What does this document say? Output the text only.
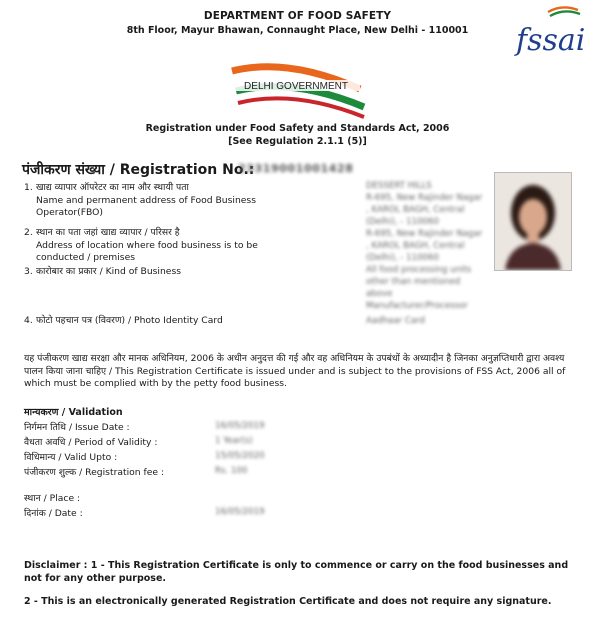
DEPARTMENT OF FOOD SAFETY
8th Floor, Mayur Bhawan, Connaught Place, New Delhi - 110001	fssai
DELHI GOVERNMENT
Registration under Food Safety and Standards Act, 2006
[See Regulation 2.1.1 (5)]
पंजीकरण संख्या / Registration No.:
23319001001428
1. खाद्य व्यापार ऑपरेटर का नाम और स्थायी पता
Name and permanent address of Food Business Operator(FBO)
DESSERT HILLS
R-695, New Rajinder Nagar
, KAROL BAGH, Central
(Delhi), - 110060
2. स्थान का पता जहां खाद्य व्यापार / परिसर है
Address of location where food business is to be conducted / premises
R-695, New Rajinder Nagar
, KAROL BAGH, Central
(Delhi), - 110060
3. कारोबार का प्रकार / Kind of Business	All food processing units
other than mentioned
above
Manufacturer/Processor
4. फोटो पहचान पत्र (विवरण) / Photo Identity Card	Aadhaar Card
यह पंजीकरण खाद्य सरक्षा और मानक अधिनियम, 2006 के अधीन अनुदत्त की गई और वह अधिनियम के उपबंधों के अध्यादीन है जिनका अनुज्ञप्तिधारी द्वारा अवश्य पालन किया जाना चाहिए / This Registration Certificate is issued under and is subject to the provisions of FSS Act, 2006 all of which must be complied with by the petty food business.
मान्यकरण / Validation
निर्गमन तिथि / Issue Date :	16/05/2019
वैधता अवधि / Period of Validity :	1 Year(s)
विधिमान्य / Valid Upto :	15/05/2020
पंजीकरण शुल्क / Registration fee :	Rs. 100
स्थान / Place :
दिनांक / Date :	16/05/2019
Disclaimer : 1 - This Registration Certificate is only to commence or carry on the food businesses and not for any other purpose.
2 - This is an electronically generated Registration Certificate and does not require any signature.
